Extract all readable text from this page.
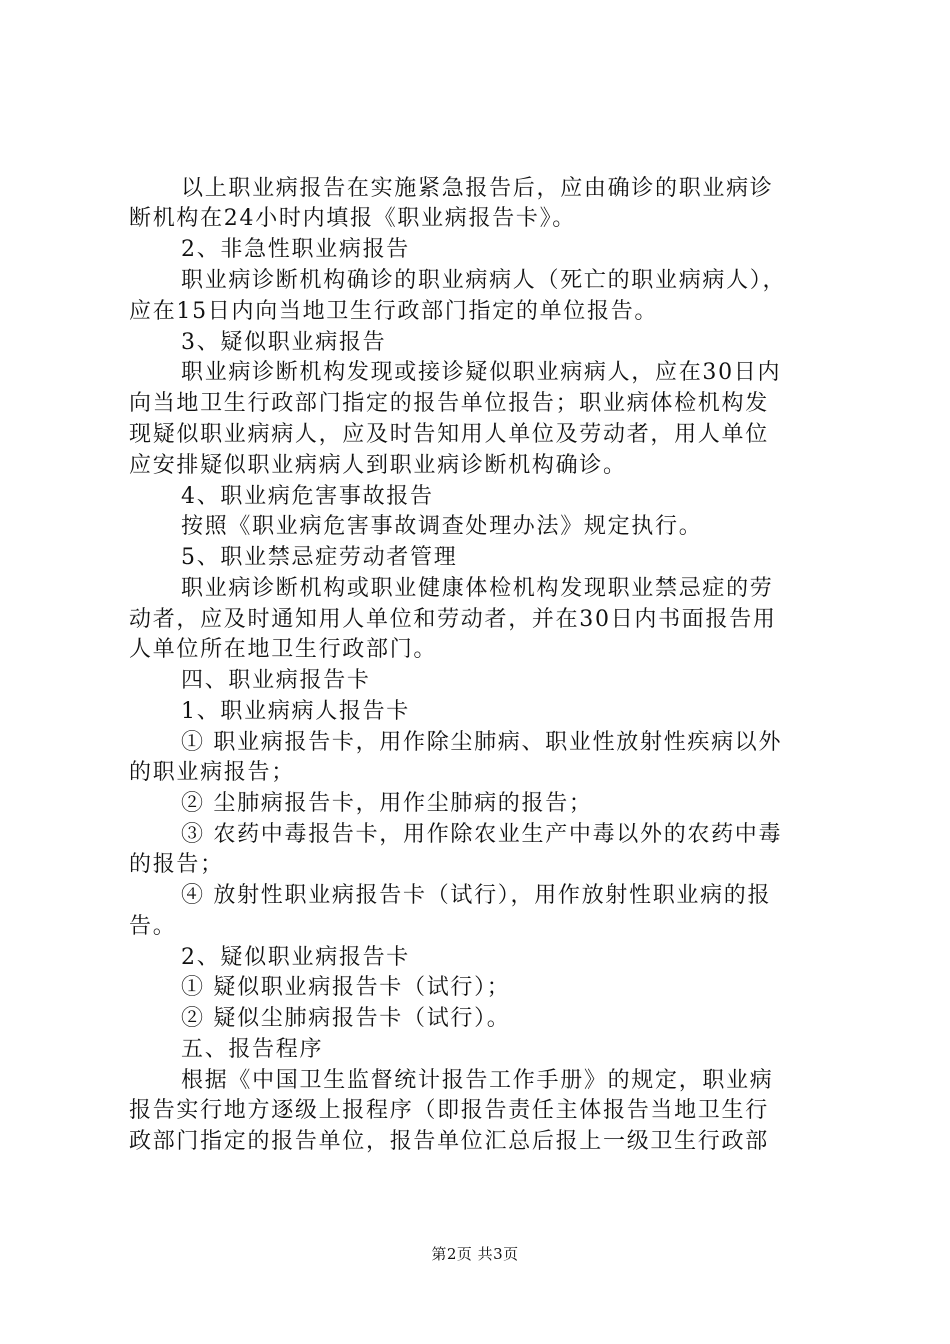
以上职业病报告在实施紧急报告后，应由确诊的职业病诊
断机构在24小时内填报《职业病报告卡》。
2、非急性职业病报告
职业病诊断机构确诊的职业病病人（死亡的职业病病人），
应在15日内向当地卫生行政部门指定的单位报告。
3、疑似职业病报告
职业病诊断机构发现或接诊疑似职业病病人，应在30日内
向当地卫生行政部门指定的报告单位报告；职业病体检机构发
现疑似职业病病人，应及时告知用人单位及劳动者，用人单位
应安排疑似职业病病人到职业病诊断机构确诊。
4、职业病危害事故报告
按照《职业病危害事故调查处理办法》规定执行。
5、职业禁忌症劳动者管理
职业病诊断机构或职业健康体检机构发现职业禁忌症的劳
动者，应及时通知用人单位和劳动者，并在30日内书面报告用
人单位所在地卫生行政部门。
四、职业病报告卡
1、职业病病人报告卡
① 职业病报告卡，用作除尘肺病、职业性放射性疾病以外
的职业病报告；
② 尘肺病报告卡，用作尘肺病的报告；
③ 农药中毒报告卡，用作除农业生产中毒以外的农药中毒
的报告；
④ 放射性职业病报告卡（试行），用作放射性职业病的报
告。
2、疑似职业病报告卡
① 疑似职业病报告卡（试行）；
② 疑似尘肺病报告卡（试行）。
五、报告程序
根据《中国卫生监督统计报告工作手册》的规定，职业病
报告实行地方逐级上报程序（即报告责任主体报告当地卫生行
政部门指定的报告单位，报告单位汇总后报上一级卫生行政部
第2页 共3页
